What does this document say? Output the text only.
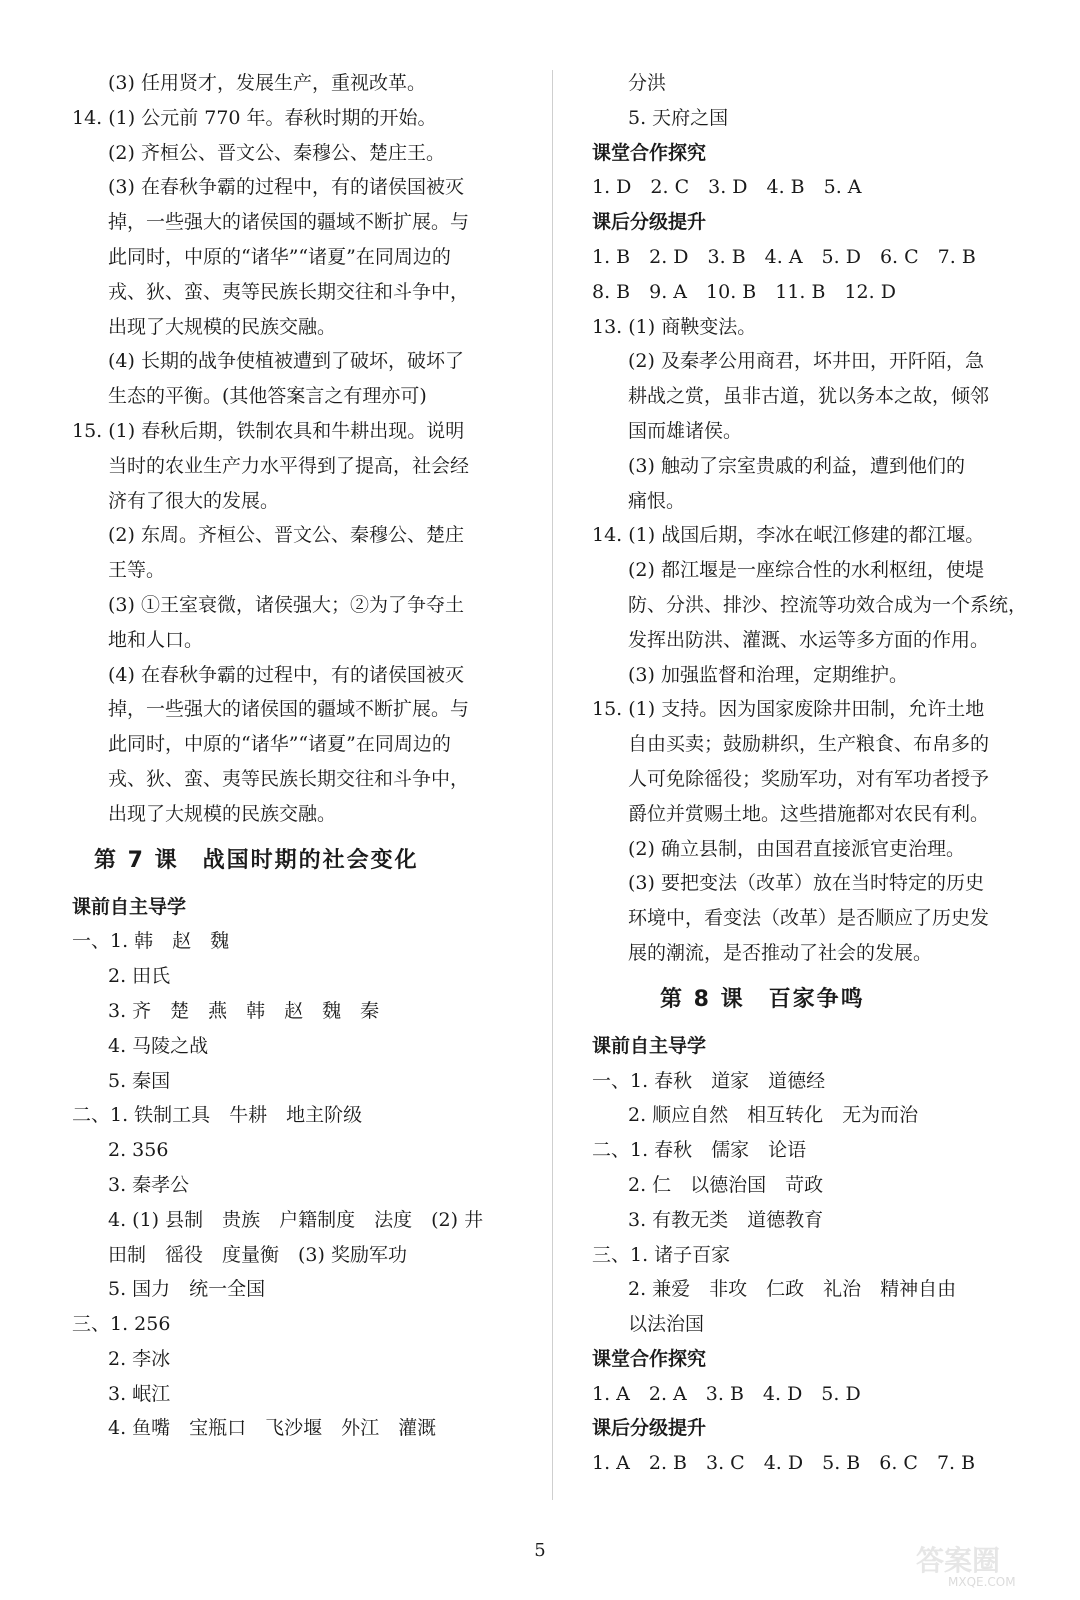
(3) 任用贤才，发展生产，重视改革。
14. (1) 公元前 770 年。春秋时期的开始。
(2) 齐桓公、晋文公、秦穆公、楚庄王。
(3) 在春秋争霸的过程中，有的诸侯国被灭
掉，一些强大的诸侯国的疆域不断扩展。与
此同时，中原的“诸华”“诸夏”在同周边的
戎、狄、蛮、夷等民族长期交往和斗争中，
出现了大规模的民族交融。
(4) 长期的战争使植被遭到了破坏，破坏了
生态的平衡。(其他答案言之有理亦可)
15. (1) 春秋后期，铁制农具和牛耕出现。说明
当时的农业生产力水平得到了提高，社会经
济有了很大的发展。
(2) 东周。齐桓公、晋文公、秦穆公、楚庄
王等。
(3) ①王室衰微，诸侯强大；②为了争夺土
地和人口。
(4) 在春秋争霸的过程中，有的诸侯国被灭
掉，一些强大的诸侯国的疆域不断扩展。与
此同时，中原的“诸华”“诸夏”在同周边的
戎、狄、蛮、夷等民族长期交往和斗争中，
出现了大规模的民族交融。
第 7 课　战国时期的社会变化
课前自主导学
一、1. 韩　赵　魏
2. 田氏
3. 齐　楚　燕　韩　赵　魏　秦
4. 马陵之战
5. 秦国
二、1. 铁制工具　牛耕　地主阶级
2. 356
3. 秦孝公
4. (1) 县制　贵族　户籍制度　法度　(2) 井
田制　徭役　度量衡　(3) 奖励军功
5. 国力　统一全国
三、1. 256
2. 李冰
3. 岷江
4. 鱼嘴　宝瓶口　飞沙堰　外江　灌溉
分洪
5. 天府之国
课堂合作探究
1. D　2. C　3. D　4. B　5. A
课后分级提升
1. B　2. D　3. B　4. A　5. D　6. C　7. B
8. B　9. A　10. B　11. B　12. D
13. (1) 商鞅变法。
(2) 及秦孝公用商君，坏井田，开阡陌，急
耕战之赏，虽非古道，犹以务本之故，倾邻
国而雄诸侯。
(3) 触动了宗室贵戚的利益，遭到他们的
痛恨。
14. (1) 战国后期，李冰在岷江修建的都江堰。
(2) 都江堰是一座综合性的水利枢纽，使堤
防、分洪、排沙、控流等功效合成为一个系统，
发挥出防洪、灌溉、水运等多方面的作用。
(3) 加强监督和治理，定期维护。
15. (1) 支持。因为国家废除井田制，允许土地
自由买卖；鼓励耕织，生产粮食、布帛多的
人可免除徭役；奖励军功，对有军功者授予
爵位并赏赐土地。这些措施都对农民有利。
(2) 确立县制，由国君直接派官吏治理。
(3) 要把变法（改革）放在当时特定的历史
环境中，看变法（改革）是否顺应了历史发
展的潮流，是否推动了社会的发展。
第 8 课　百家争鸣
课前自主导学
一、1. 春秋　道家　道德经
2. 顺应自然　相互转化　无为而治
二、1. 春秋　儒家　论语
2. 仁　以德治国　苛政
3. 有教无类　道德教育
三、1. 诸子百家
2. 兼爱　非攻　仁政　礼治　精神自由
以法治国
课堂合作探究
1. A　2. A　3. B　4. D　5. D
课后分级提升
1. A　2. B　3. C　4. D　5. B　6. C　7. B
5	答案圈
MXQE.COM
